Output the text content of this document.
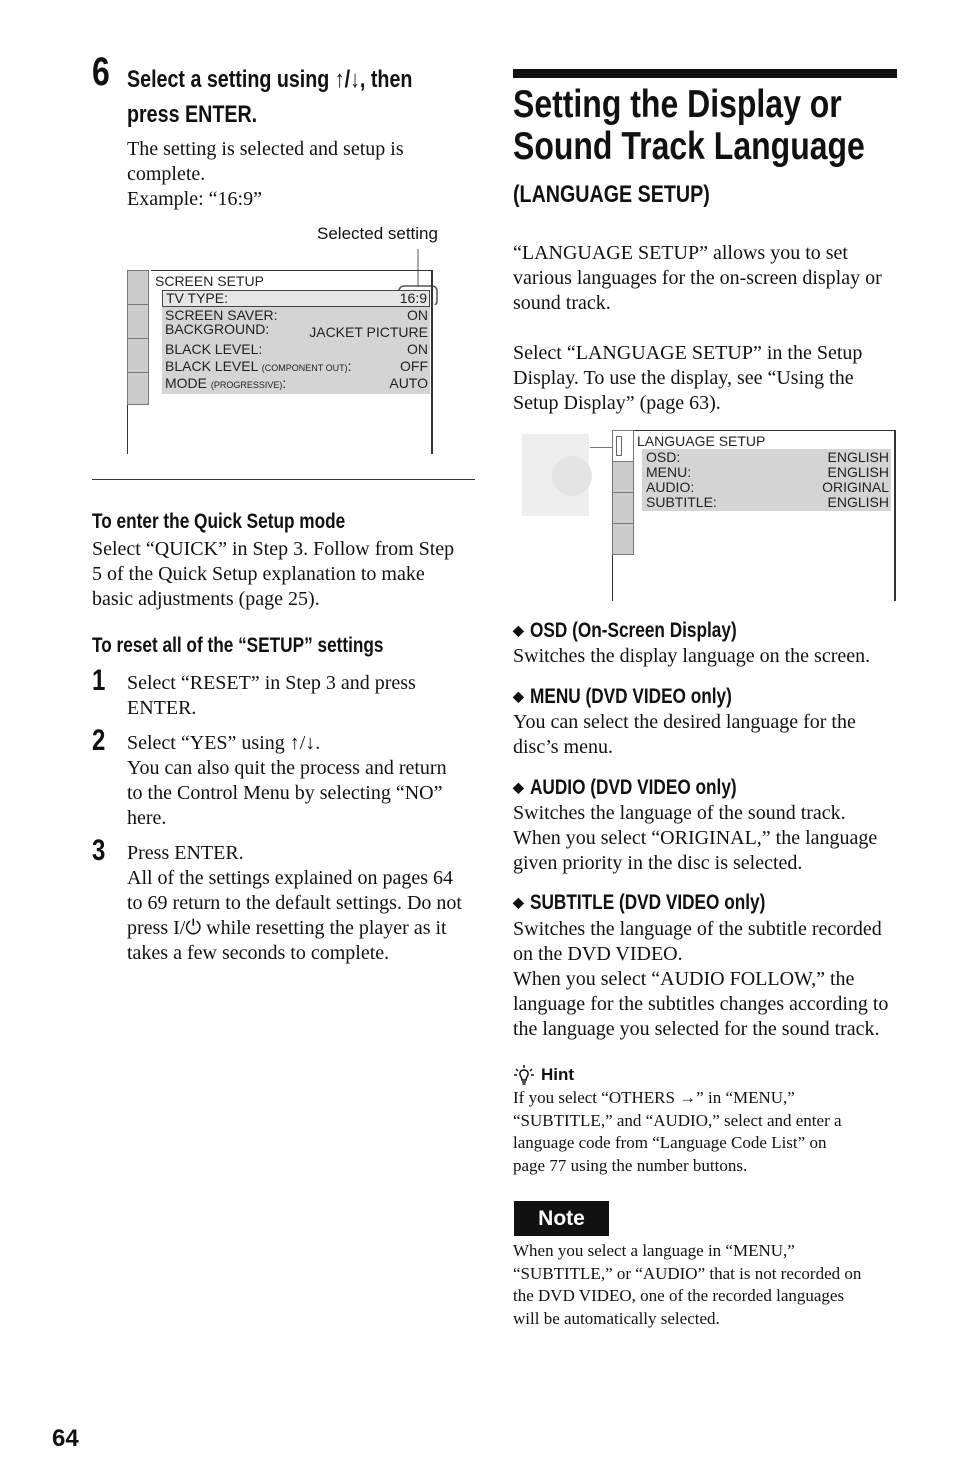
6 Select a setting using ↑/↓, then
press ENTER.
The setting is selected and setup is
complete.
Example: “16:9”
Selected setting
SCREEN SETUP
TV TYPE:	16:9
SCREEN SAVER:	ON
BACKGROUND:	JACKET PICTURE
BLACK LEVEL:	ON
BLACK LEVEL (COMPONENT OUT):	OFF
MODE (PROGRESSIVE):	AUTO
To enter the Quick Setup mode
Select “QUICK” in Step 3. Follow from Step
5 of the Quick Setup explanation to make
basic adjustments (page 25).
To reset all of the “SETUP” settings
1 Select “RESET” in Step 3 and press
ENTER.
2 Select “YES” using ↑/↓.
You can also quit the process and return
to the Control Menu by selecting “NO”
here.
3 Press ENTER.
All of the settings explained on pages 64
to 69 return to the default settings. Do not
press I/⏻ while resetting the player as it
takes a few seconds to complete.
64
Setting the Display or
Sound Track Language
(LANGUAGE SETUP)
“LANGUAGE SETUP” allows you to set
various languages for the on-screen display or
sound track.
Select “LANGUAGE SETUP” in the Setup
Display. To use the display, see “Using the
Setup Display” (page 63).
LANGUAGE SETUP
OSD:	ENGLISH
MENU:	ENGLISH
AUDIO:	ORIGINAL
SUBTITLE:	ENGLISH
◆ OSD (On-Screen Display)
Switches the display language on the screen.
◆ MENU (DVD VIDEO only)
You can select the desired language for the
disc’s menu.
◆ AUDIO (DVD VIDEO only)
Switches the language of the sound track.
When you select “ORIGINAL,” the language
given priority in the disc is selected.
◆ SUBTITLE (DVD VIDEO only)
Switches the language of the subtitle recorded
on the DVD VIDEO.
When you select “AUDIO FOLLOW,” the
language for the subtitles changes according to
the language you selected for the sound track.
Hint
If you select “OTHERS →” in “MENU,”
“SUBTITLE,” and “AUDIO,” select and enter a
language code from “Language Code List” on
page 77 using the number buttons.
Note
When you select a language in “MENU,”
“SUBTITLE,” or “AUDIO” that is not recorded on
the DVD VIDEO, one of the recorded languages
will be automatically selected.
